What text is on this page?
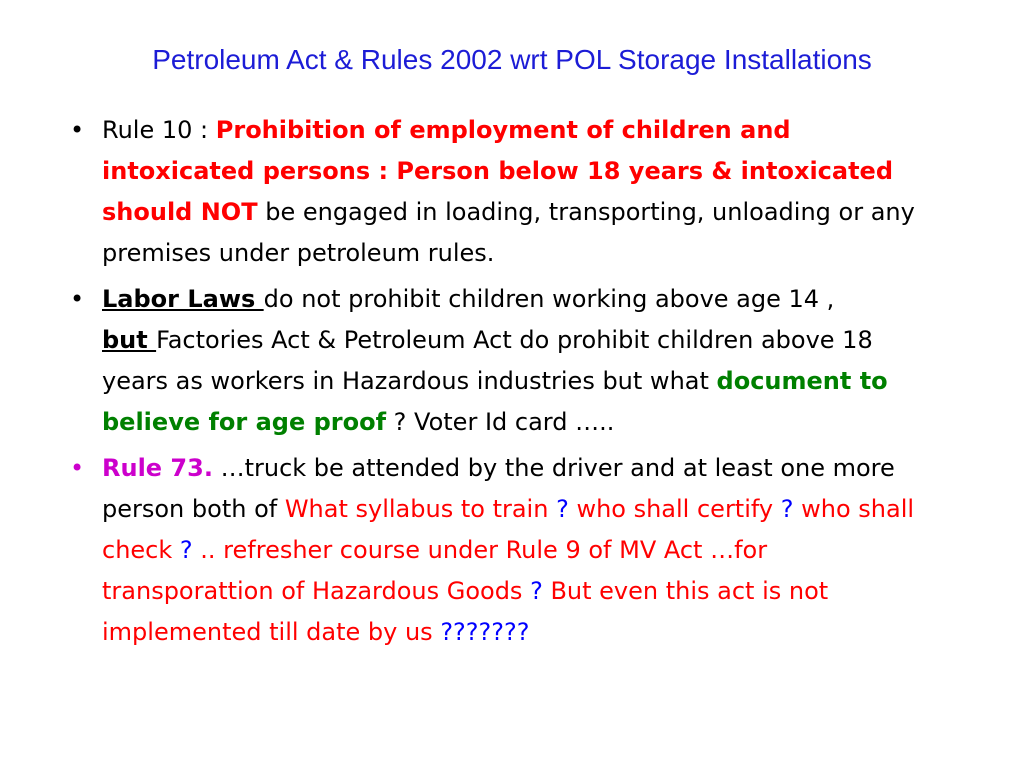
Petroleum Act & Rules 2002 wrt POL Storage Installations
• Rule 10 : Prohibition of employment of children and intoxicated persons : Person below 18 years & intoxicated should NOT be engaged in loading, transporting, unloading or any premises under petroleum rules.
• Labor Laws do not prohibit children working above age 14 ,
but Factories Act & Petroleum Act do prohibit children above 18 years as workers in Hazardous industries but what document to believe for age proof ? Voter Id card …..
• Rule 73. …truck be attended by the driver and at least one more person both of What syllabus to train ? who shall certify ? who shall check ? .. refresher course under Rule 9 of MV Act …for transporattion of Hazardous Goods ? But even this act is not implemented till date by us ???????
